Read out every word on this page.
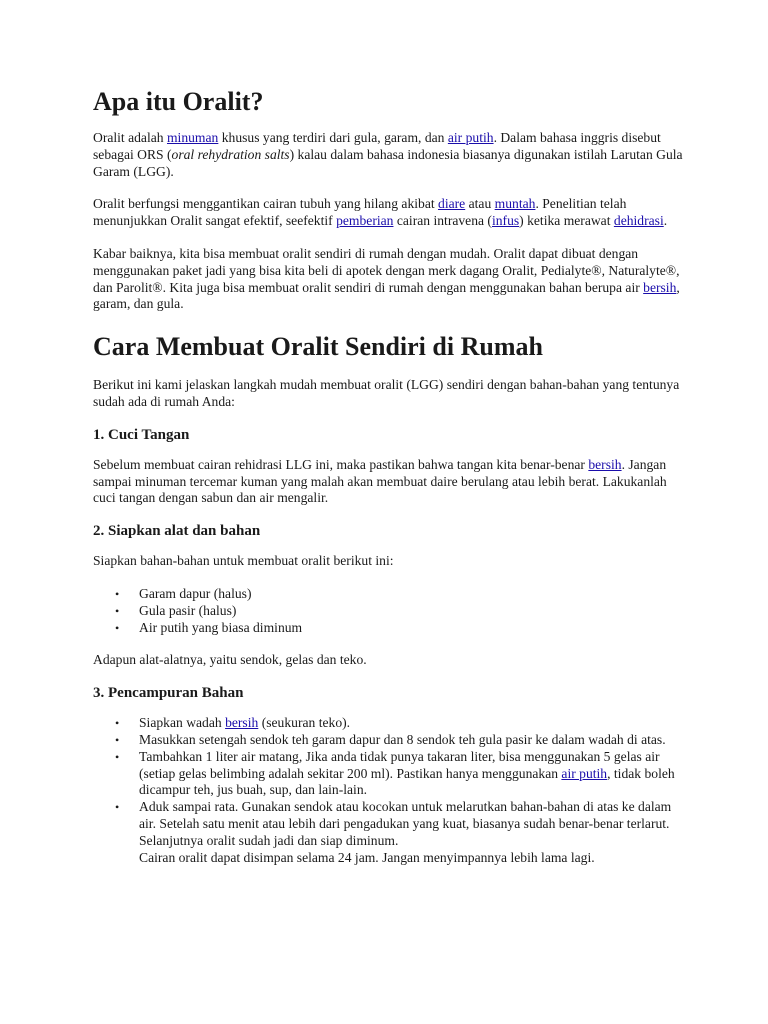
Apa itu Oralit?

Oralit adalah minuman khusus yang terdiri dari gula, garam, dan air putih. Dalam bahasa inggris disebut sebagai ORS (oral rehydration salts) kalau dalam bahasa indonesia biasanya digunakan istilah Larutan Gula Garam (LGG).

Oralit berfungsi menggantikan cairan tubuh yang hilang akibat diare atau muntah. Penelitian telah menunjukkan Oralit sangat efektif, seefektif pemberian cairan intravena (infus) ketika merawat dehidrasi.

Kabar baiknya, kita bisa membuat oralit sendiri di rumah dengan mudah. Oralit dapat dibuat dengan menggunakan paket jadi yang bisa kita beli di apotek dengan merk dagang Oralit, Pedialyte®, Naturalyte®, dan Parolit®. Kita juga bisa membuat oralit sendiri di rumah dengan menggunakan bahan berupa air bersih, garam, dan gula.

Cara Membuat Oralit Sendiri di Rumah

Berikut ini kami jelaskan langkah mudah membuat oralit (LGG) sendiri dengan bahan-bahan yang tentunya sudah ada di rumah Anda:

1. Cuci Tangan

Sebelum membuat cairan rehidrasi LLG ini, maka pastikan bahwa tangan kita benar-benar bersih. Jangan sampai minuman tercemar kuman yang malah akan membuat daire berulang atau lebih berat. Lakukanlah cuci tangan dengan sabun dan air mengalir.

2. Siapkan alat dan bahan

Siapkan bahan-bahan untuk membuat oralit berikut ini:

• Garam dapur (halus)
• Gula pasir (halus)
• Air putih yang biasa diminum

Adapun alat-alatnya, yaitu sendok, gelas dan teko.

3. Pencampuran Bahan
• Siapkan wadah bersih (seukuran teko).
• Masukkan setengah sendok teh garam dapur dan 8 sendok teh gula pasir ke dalam wadah di atas.
• Tambahkan 1 liter air matang, Jika anda tidak punya takaran liter, bisa menggunakan 5 gelas air (setiap gelas belimbing adalah sekitar 200 ml). Pastikan hanya menggunakan air putih, tidak boleh dicampur teh, jus buah, sup, dan lain-lain.
• Aduk sampai rata. Gunakan sendok atau kocokan untuk melarutkan bahan-bahan di atas ke dalam air. Setelah satu menit atau lebih dari pengadukan yang kuat, biasanya sudah benar-benar terlarut. Selanjutnya oralit sudah jadi dan siap diminum.
Cairan oralit dapat disimpan selama 24 jam. Jangan menyimpannya lebih lama lagi.
